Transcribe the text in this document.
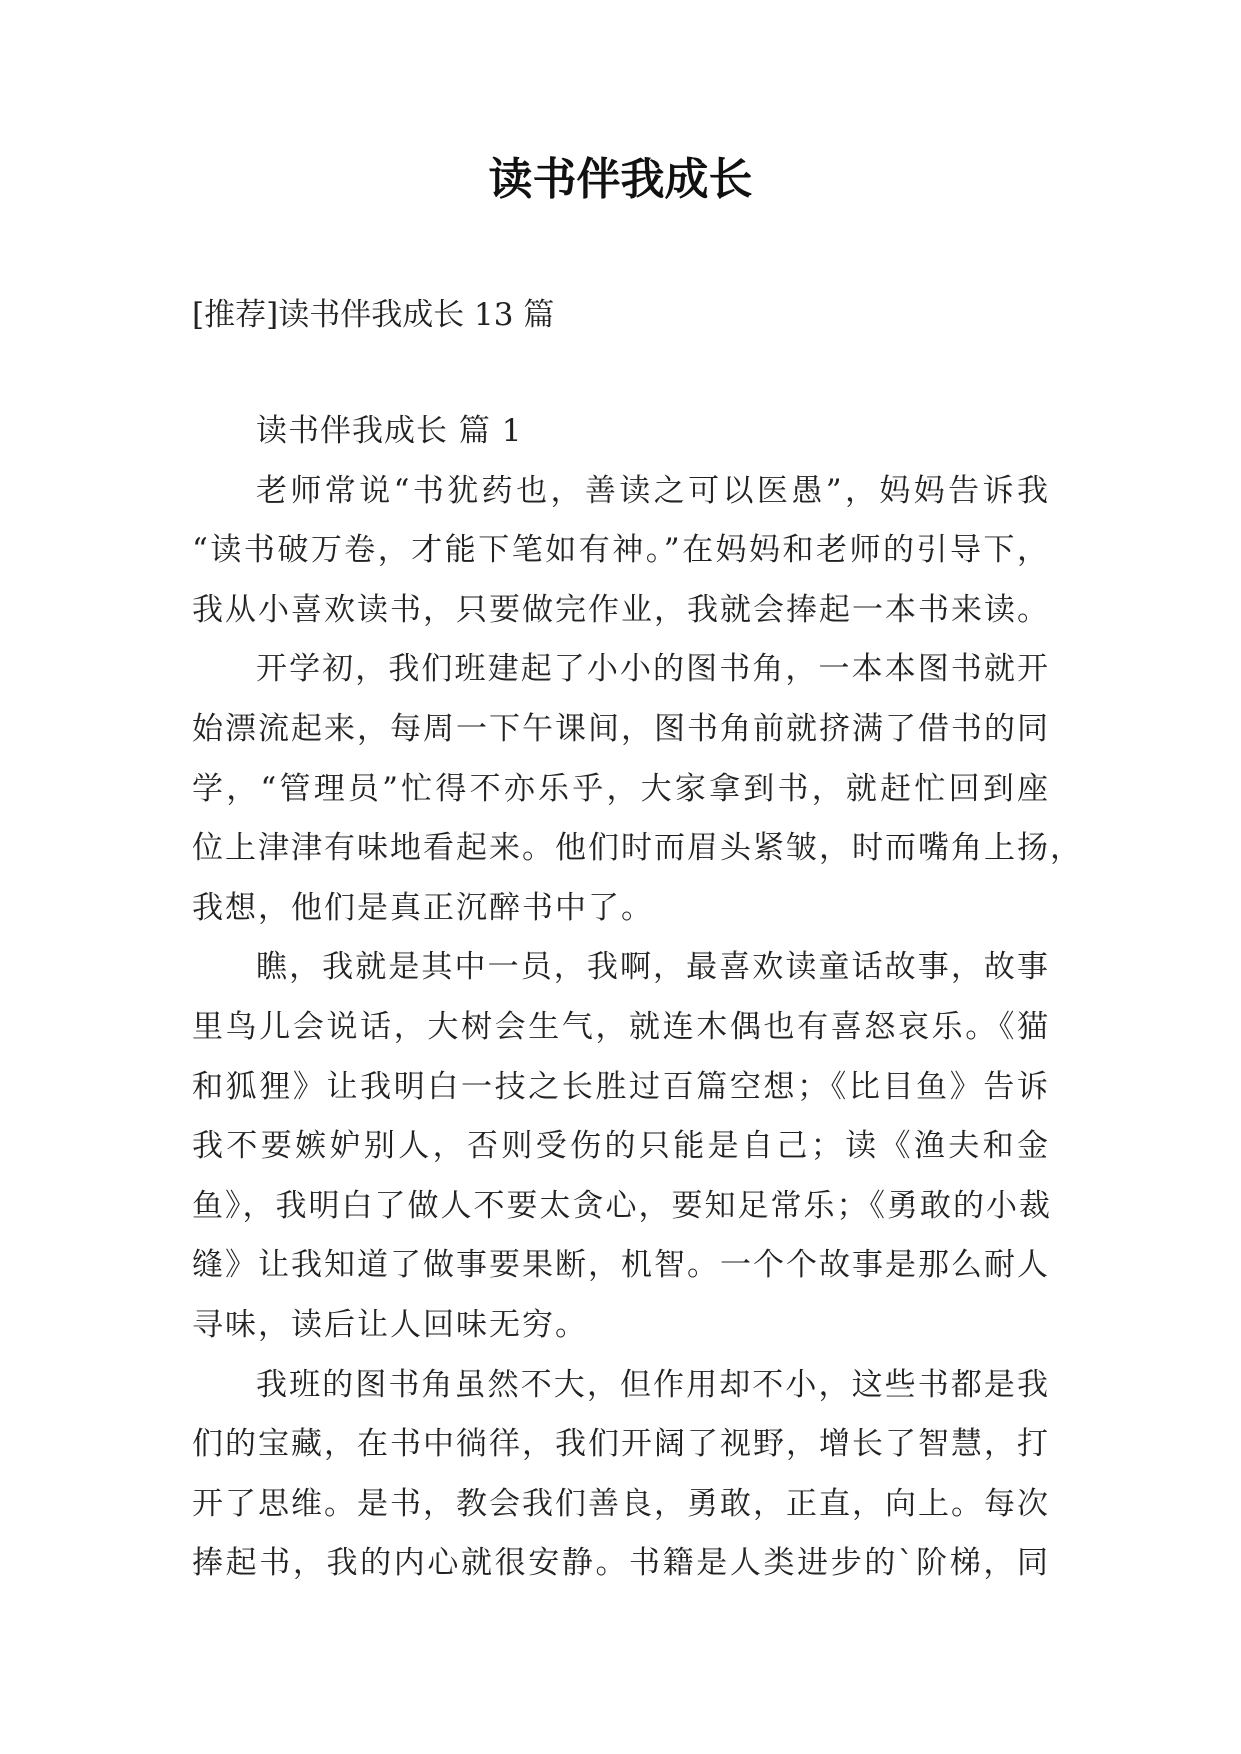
读书伴我成长
[推荐]读书伴我成长 13 篇
读书伴我成长 篇 1
老师常说“书犹药也，善读之可以医愚”，妈妈告诉我
“读书破万卷，才能下笔如有神。”在妈妈和老师的引导下，
我从小喜欢读书，只要做完作业，我就会捧起一本书来读。
开学初，我们班建起了小小的图书角，一本本图书就开
始漂流起来，每周一下午课间，图书角前就挤满了借书的同
学，“管理员”忙得不亦乐乎，大家拿到书，就赶忙回到座
位上津津有味地看起来。他们时而眉头紧皱，时而嘴角上扬，
我想，他们是真正沉醉书中了。
瞧，我就是其中一员，我啊，最喜欢读童话故事，故事
里鸟儿会说话，大树会生气，就连木偶也有喜怒哀乐。《猫
和狐狸》让我明白一技之长胜过百篇空想；《比目鱼》告诉
我不要嫉妒别人，否则受伤的只能是自己；读《渔夫和金
鱼》，我明白了做人不要太贪心，要知足常乐；《勇敢的小裁
缝》让我知道了做事要果断，机智。一个个故事是那么耐人
寻味，读后让人回味无穷。
我班的图书角虽然不大，但作用却不小，这些书都是我
们的宝藏，在书中徜徉，我们开阔了视野，增长了智慧，打
开了思维。是书，教会我们善良，勇敢，正直，向上。每次
捧起书，我的内心就很安静。书籍是人类进步的`阶梯，同
